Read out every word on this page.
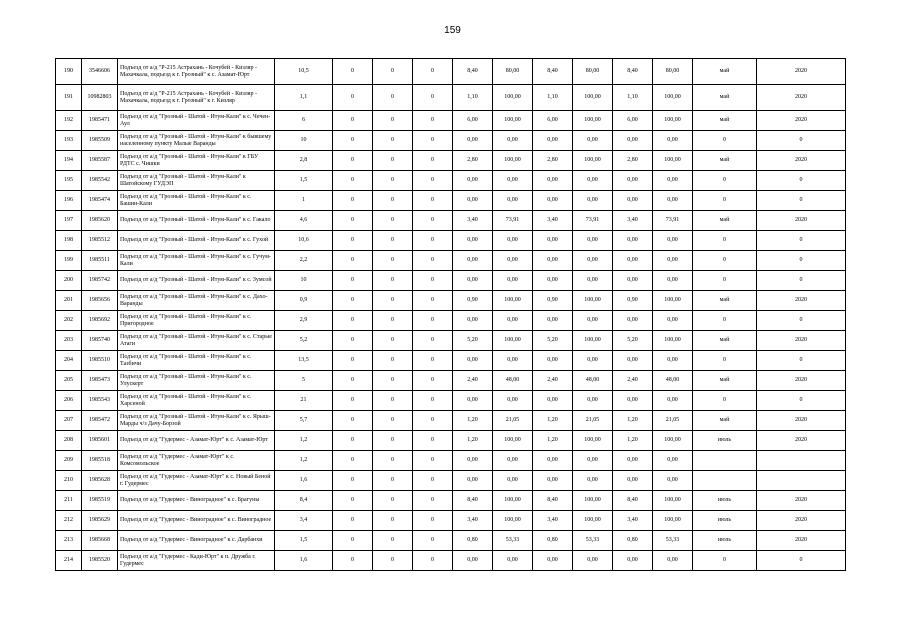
159
190	3546606	Подъезд от а/д "Р-215 Астрахань - Кочубей - Кизляр - Махачкала, подъезд к г. Грозный" к с. Азамат-Юрт	10,5	0	0	0	8,40	80,00	8,40	80,00	8,40	80,00	май	2020
191	10982803	Подъезд от а/д "Р-215 Астрахань - Кочубей - Кизляр - Махачкала, подъезд к г. Грозный" к г. Кизляр	1,1	0	0	0	1,10	100,00	1,10	100,00	1,10	100,00	май	2020
192	1985471	Подъезд от а/д "Грозный - Шатой - Итум-Кали" к с. Чечен-Аул	6	0	0	0	6,00	100,00	6,00	100,00	6,00	100,00	май	2020
193	1985509	Подъезд от а/д "Грозный - Шатой - Итум-Кали" к бывшему населенному пункту Малые Варанды	10	0	0	0	0,00	0,00	0,00	0,00	0,00	0,00	0	0
194	1985587	Подъезд от а/д "Грозный - Шатой - Итум-Кали" к ГБУ РДТС с. Чишки	2,8	0	0	0	2,80	100,00	2,80	100,00	2,80	100,00	май	2020
195	1985542	Подъезд от а/д "Грозный - Шатой - Итум-Кали" к Шатойскому ГУДЭП	1,5	0	0	0	0,00	0,00	0,00	0,00	0,00	0,00	0	0
196	1985474	Подъезд от а/д "Грозный - Шатой - Итум-Кали" к с. Башин-Кали	1	0	0	0	0,00	0,00	0,00	0,00	0,00	0,00	0	0
197	1985620	Подъезд от а/д "Грозный - Шатой - Итум-Кали" к с. Гакало	4,6	0	0	0	3,40	73,91	3,40	73,91	3,40	73,91	май	2020
198	1985512	Подъезд от а/д "Грозный - Шатой - Итум-Кали" к с. Гухой	10,6	0	0	0	0,00	0,00	0,00	0,00	0,00	0,00	0	0
199	1985511	Подъезд от а/д "Грозный - Шатой - Итум-Кали" к с. Гучум-Кали	2,2	0	0	0	0,00	0,00	0,00	0,00	0,00	0,00	0	0
200	1985742	Подъезд от а/д "Грозный - Шатой - Итум-Кали" к с. Зумсой	10	0	0	0	0,00	0,00	0,00	0,00	0,00	0,00	0	0
201	1985656	Подъезд от а/д "Грозный - Шатой - Итум-Кали" к с. Дахо-Варанды	0,9	0	0	0	0,90	100,00	0,90	100,00	0,90	100,00	май	2020
202	1985692	Подъезд от а/д "Грозный - Шатой - Итум-Кали" к с. Пригородное	2,9	0	0	0	0,00	0,00	0,00	0,00	0,00	0,00	0	0
203	1985740	Подъезд от а/д "Грозный - Шатой - Итум-Кали" к с. Старые Атаги	5,2	0	0	0	5,20	100,00	5,20	100,00	5,20	100,00	май	2020
204	1985510	Подъезд от а/д "Грозный - Шатой - Итум-Кали" к с. Тазбичи	13,5	0	0	0	0,00	0,00	0,00	0,00	0,00	0,00	0	0
205	1985473	Подъезд от а/д "Грозный - Шатой - Итум-Кали" к с. Улускерт	5	0	0	0	2,40	48,00	2,40	48,00	2,40	48,00	май	2020
206	1985543	Подъезд от а/д "Грозный - Шатой - Итум-Кали" к с. Харсеной	21	0	0	0	0,00	0,00	0,00	0,00	0,00	0,00	0	0
207	1985472	Подъезд от а/д "Грозный - Шатой - Итум-Кали" к с. Ярыш-Марды ч/з Дачу-Борзой	5,7	0	0	0	1,20	21,05	1,20	21,05	1,20	21,05	май	2020
208	1985601	Подъезд от а/д "Гудермес - Азамат-Юрт" к с. Азамат-Юрт	1,2	0	0	0	1,20	100,00	1,20	100,00	1,20	100,00	июль	2020
209	1985518	Подъезд от а/д "Гудермес - Азамат-Юрт" к с. Комсомольское	1,2	0	0	0	0,00	0,00	0,00	0,00	0,00	0,00		
210	1985628	Подъезд от а/д "Гудермес - Азамат-Юрт" к с. Новый Беной г. Гудермес	1,6	0	0	0	0,00	0,00	0,00	0,00	0,00	0,00		
211	1985519	Подъезд от а/д "Гудермес - Виноградное" к с. Брагуны	8,4	0	0	0	8,40	100,00	8,40	100,00	8,40	100,00	июль	2020
212	1985629	Подъезд от а/д "Гудермес - Виноградное" к с. Виноградное	3,4	0	0	0	3,40	100,00	3,40	100,00	3,40	100,00	июль	2020
213	1985668	Подъезд от а/д "Гудермес - Виноградное" к с. Дарбанхи	1,5	0	0	0	0,80	53,33	0,80	53,33	0,80	53,33	июль	2020
214	1985520	Подъезд от а/д "Гудермес - Кади-Юрт" к п. Дружба г. Гудермес	1,6	0	0	0	0,00	0,00	0,00	0,00	0,00	0,00	0	0
